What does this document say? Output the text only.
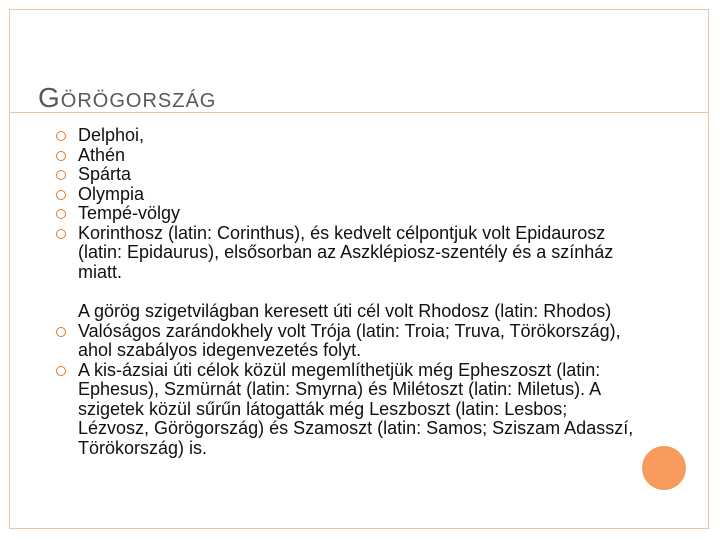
GÖRÖGORSZÁG
Delphoi,
Athén
Spárta
Olympia
Tempé-völgy
Korinthosz (latin: Corinthus), és kedvelt célpontjuk volt Epidaurosz (latin: Epidaurus), elsősorban az Aszklépiosz-szentély és a színház miatt.
A görög szigetvilágban keresett úti cél volt Rhodosz (latin: Rhodos)
Valóságos zarándokhely volt Trója (latin: Troia; Truva, Törökország), ahol szabályos idegenvezetés folyt.
A kis-ázsiai úti célok közül megemlíthetjük még Epheszoszt (latin: Ephesus), Szmürnát (latin: Smyrna) és Milétoszt (latin: Miletus). A szigetek közül sűrűn látogatták még Leszboszt (latin: Lesbos; Lézvosz, Görögország) és Szamoszt (latin: Samos; Sziszam Adasszí, Törökország) is.
